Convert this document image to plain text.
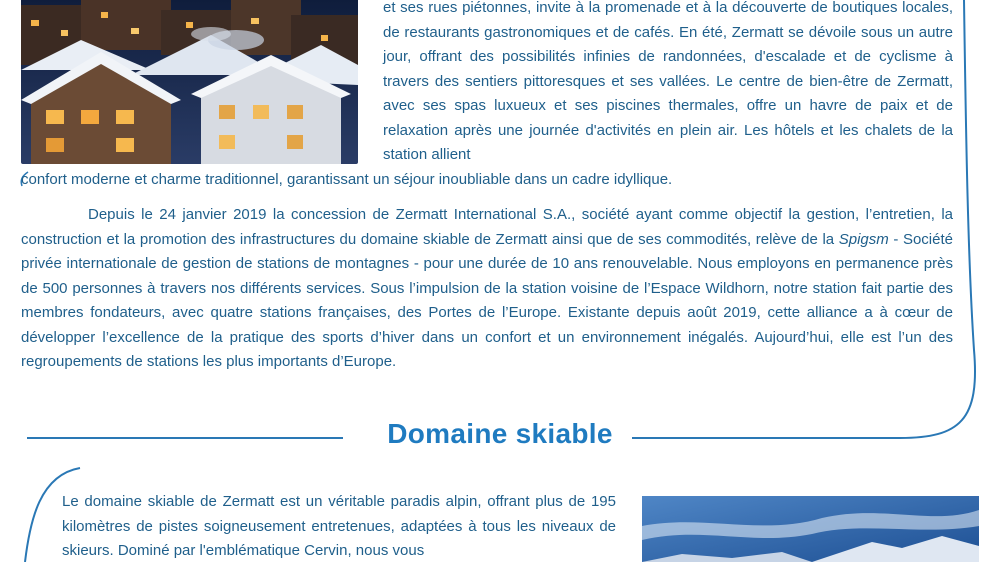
et ses rues piétonnes, invite à la promenade et à la découverte de boutiques locales, de restaurants gastronomiques et de cafés. En été, Zermatt se dévoile sous un autre jour, offrant des possibilités infinies de randonnées, d'escalade et de cyclisme à travers des sentiers pittoresques et ses vallées. Le centre de bien-être de Zermatt, avec ses spas luxueux et ses piscines thermales, offre un havre de paix et de relaxation après une journée d'activités en plein air. Les hôtels et les chalets de la station allient

confort moderne et charme traditionnel, garantissant un séjour inoubliable dans un cadre idyllique.

Depuis le 24 janvier 2019 la concession de Zermatt International S.A., société ayant comme objectif la gestion, l’entretien, la construction et la promotion des infrastructures du domaine skiable de Zermatt ainsi que de ses commodités, relève de la Spigsm - Société privée internationale de gestion de stations de montagnes - pour une durée de 10 ans renouvelable. Nous employons en permanence près de 500 personnes à travers nos différents services. Sous l’impulsion de la station voisine de l’Espace Wildhorn, notre station fait partie des membres fondateurs, avec quatre stations françaises, des Portes de l’Europe. Existante depuis août 2019, cette alliance a à cœur de développer l’excellence de la pratique des sports d’hiver dans un confort et un environnement inégalés. Aujourd’hui, elle est l’un des regroupements de stations les plus importants d’Europe.

Domaine skiable

Le domaine skiable de Zermatt est un véritable paradis alpin, offrant plus de 195 kilomètres de pistes soigneusement entretenues, adaptées à tous les niveaux de skieurs. Dominé par l'emblématique Cervin, nous vous
